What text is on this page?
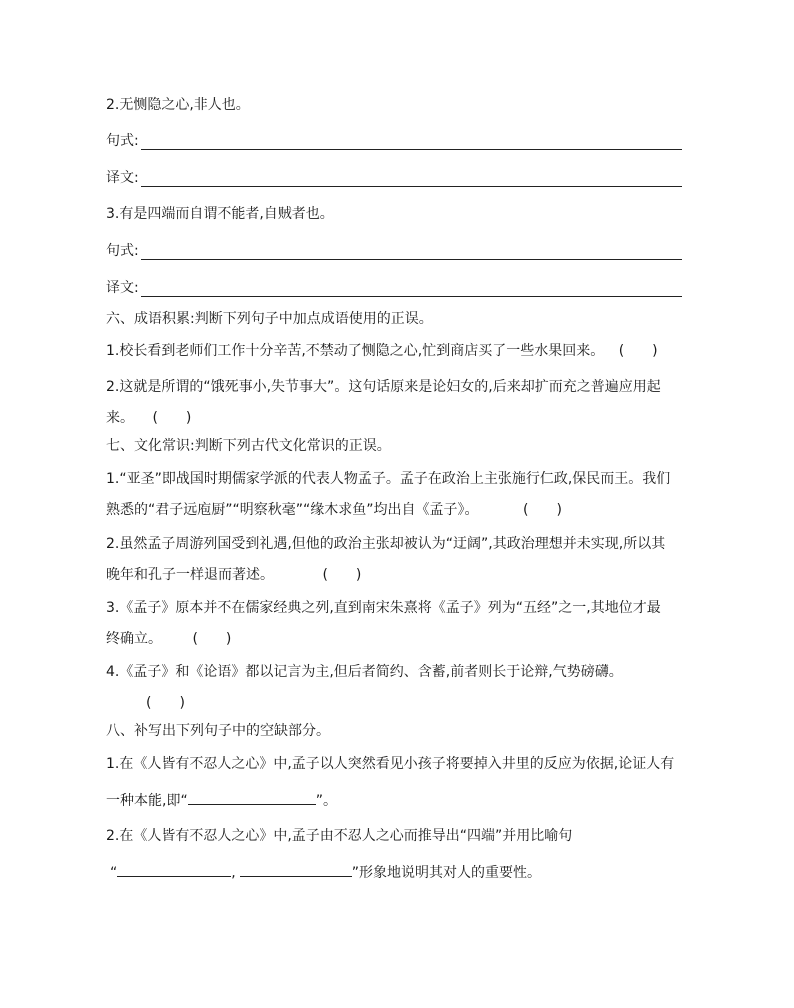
2.无恻隐之心,非人也。
句式:
译文:
3.有是四端而自谓不能者,自贼者也。
句式:
译文:
六、成语积累:判断下列句子中加点成语使用的正误。
1.校长看到老师们工作十分辛苦,不禁动了恻隐之心,忙到商店买了一些水果回来。 (　　)
2.这就是所谓的“饿死事小,失节事大”。这句话原来是论妇女的,后来却扩而充之普遍应用起
来。 (　　)
七、文化常识:判断下列古代文化常识的正误。
1.“亚圣”即战国时期儒家学派的代表人物孟子。孟子在政治上主张施行仁政,保民而王。我们
熟悉的“君子远庖厨”“明察秋毫”“缘木求鱼”均出自《孟子》。	(　　)
2.虽然孟子周游列国受到礼遇,但他的政治主张却被认为“迂阔”,其政治理想并未实现,所以其
晚年和孔子一样退而著述。	(　　)
3.《孟子》原本并不在儒家经典之列,直到南宋朱熹将《孟子》列为“五经”之一,其地位才最
终确立。 (　　)
4.《孟子》和《论语》都以记言为主,但后者简约、含蓄,前者则长于论辩,气势磅礴。
(　　)
八、补写出下列句子中的空缺部分。
1.在《人皆有不忍人之心》中,孟子以人突然看见小孩子将要掉入井里的反应为依据,论证人有
一种本能,即“	”。
2.在《人皆有不忍人之心》中,孟子由不忍人之心而推导出“四端”并用比喻句
“	,	”形象地说明其对人的重要性。
